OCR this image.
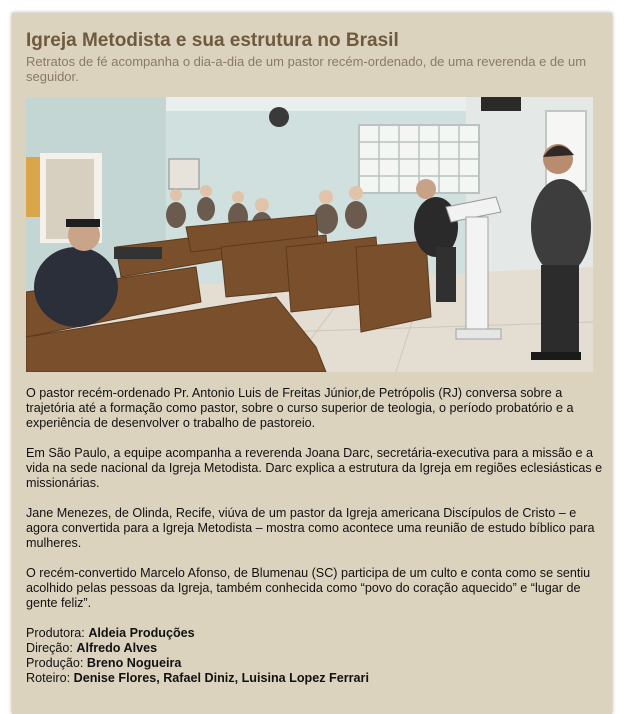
Igreja Metodista e sua estrutura no Brasil

Retratos de fé acompanha o dia-a-dia de um pastor recém-ordenado, de uma reverenda e de um seguidor.

O pastor recém-ordenado Pr. Antonio Luis de Freitas Júnior,de Petrópolis (RJ) conversa sobre a trajetória até a formação como pastor, sobre o curso superior de teologia, o período probatório e a experiência de desenvolver o trabalho de pastoreio.

Em São Paulo, a equipe acompanha a reverenda Joana Darc, secretária-executiva para a missão e a vida na sede nacional da Igreja Metodista. Darc explica a estrutura da Igreja em regiões eclesiásticas e missionárias.

Jane Menezes, de Olinda, Recife, viúva de um pastor da Igreja americana Discípulos de Cristo – e agora convertida para a Igreja Metodista – mostra como acontece uma reunião de estudo bíblico para mulheres.

O recém-convertido Marcelo Afonso, de Blumenau (SC) participa de um culto e conta como se sentiu acolhido pelas pessoas da Igreja, também conhecida como “povo do coração aquecido” e “lugar de gente feliz”.

Produtora: Aldeia Produções
Direção: Alfredo Alves
Produção: Breno Nogueira
Roteiro: Denise Flores, Rafael Diniz, Luisina Lopez Ferrari
